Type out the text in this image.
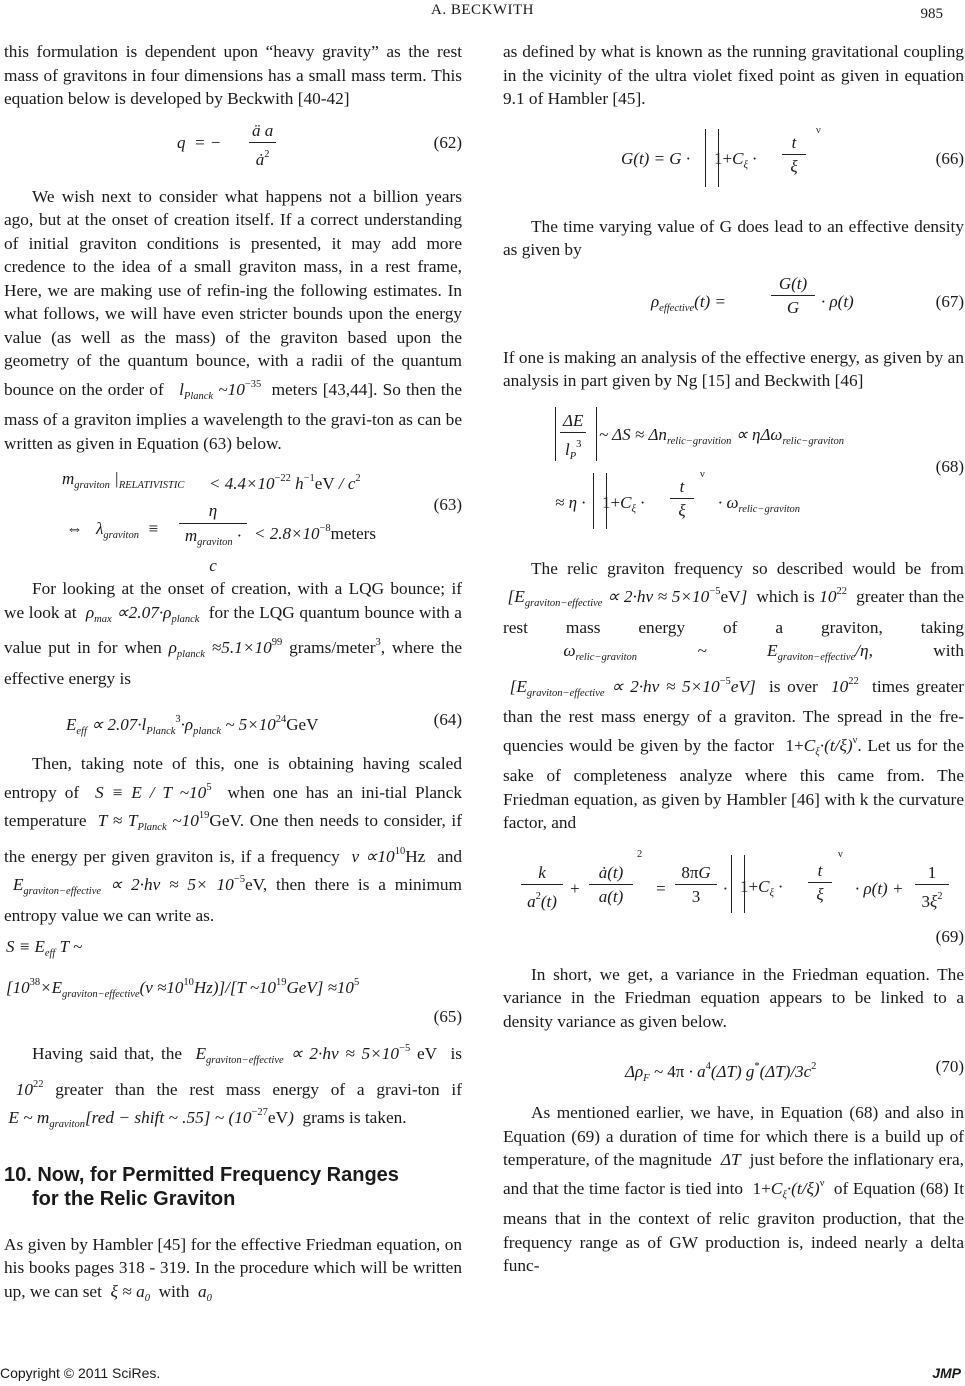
A. BECKWITH	985

this formulation is dependent upon “heavy gravity” as the rest mass of gravitons in four dimensions has a small mass term. This equation below is developed by Beckwith [40-42]

q  = − $\frac{\text{ä a}}{ȧ^2}$	(62)

We wish next to consider what happens not a billion years ago, but at the onset of creation itself. If a correct understanding of initial graviton conditions is presented, it may add more credence to the idea of a small graviton mass, in a rest frame, Here, we are making use of refin-ing the following estimates. In what follows, we will have even stricter bounds upon the energy value (as well as the mass) of the graviton based upon the geometry of the quantum bounce, with a radii of the quantum bounce on the order of   $l_{Planck}$ $\sim 10^{-35}$ meters [43,44]. So then the mass of a graviton implies a wavelength to the gravi-ton as can be written as given in Equation (63) below.

$m_{graviton}$ $|_{RELATIVISTIC} < 4.4\times 10^{-22}$ $h^{-1}eV / c^2$
⇔ $\lambda_{graviton}$  ≡
η
$m_{graviton} \cdot c$
< $2.8\times 10^{-8}meters$
(63)

For looking at the onset of creation, with a LQG bounce; if we look at  $\rho_{max} \propto 2.07\cdot\rho_{planck}$ for the LQG quantum bounce with a value put in for when $\rho_{planck} \approx 5.1\times 10^{99}$ grams/meter$^3$, where the effective energy is

$E_{eff} \propto 2.07\cdot l_{Planck}^3\cdot\rho_{planck}$ ~ $5\times 10^{24}GeV$	(64)

Then, taking note of this, one is obtaining having scaled entropy of  S ≡ E / T $\sim 10^5$ when one has an ini-tial Planck temperature  $T \approx T_{Planck}$ $\sim 10^{19}GeV$. One then needs to consider, if the energy per given graviton is, if a frequency  $\nu \propto 10^{10}Hz$ and  $E_{graviton-effective} \propto 2\cdot h\nu \approx 5\times 10^{-5}eV$, then there is a minimum entropy value we can write as.

$S \equiv E_{eff}$ T ~
$[10^{38}\times E_{graviton-effective}(\nu \approx 10^{10}Hz)]/[T$ $\sim 10^{19}GeV] \approx 10^5$
(65)

Having said that, the  $E_{graviton-effective} \propto 2\cdot h\nu \approx 5\times 10^{-5}$ eV is  $10^{22}$ greater than the rest mass energy of a gravi-ton if  E ~ $m_{graviton}[red$ − shift ~ .55] ~ $(10^{-27}eV)$  grams is taken.

10. Now, for Permitted Frequency Ranges
for the Relic Graviton

As given by Hambler [45] for the effective Friedman equation, on his books pages 318 - 319. In the procedure which will be written up, we can set  $\xi \approx a_0$ with  $a_0$

as defined by what is known as the running gravitational coupling in the vicinity of the ultra violet fixed point as given in equation 9.1 of Hambler [45].

$G(t) = G \cdot 1+C_\xi \cdot \frac{t}{\xi}$
ν
(66)

The time varying value of G does lead to an effective density as given by

$\rho_{effective}(t)$ =	$\frac{G(t)}{G} \cdot \rho(t)$	(67)

If one is making an analysis of the effective energy, as given by an analysis in part given by Ng [15] and Beckwith [46]

$\frac{\Delta E}{l_P^3}$ ~ $\Delta S \approx \Delta n_{relic-gravition} \propto \eta\Delta\omega_{relic-graviton}$
≈ $\eta \cdot 1+C_\xi \cdot \frac{t}{\xi}$
ν
· $\omega_{relic-graviton}$
(68)

The relic graviton frequency so described would be from  $[E_{graviton-effective} \propto 2\cdot h\nu \approx 5\times 10^{-5}eV]$  which is $10^{22}$ greater than the rest mass energy of a graviton, taking  $\omega_{relic-graviton}$ ~ $E_{graviton-effective}/\eta$, with  $[E_{graviton-effective} \propto 2\cdot h\nu \approx 5\times 10^{-5}eV]$  is over  $10^{22}$ times greater than the rest mass energy of a graviton. The spread in the fre-quencies would be given by the factor $1+C_\xi\cdot(t/\xi)^\nu$. Let us for the sake of completeness analyze where this came from. The Friedman equation, as given by Hambler [46] with k the curvature factor, and

$\frac{k}{a^2(t)} + \frac{ȧ(t)}{a(t)}$
2
= $\frac{8\pi G}{3} \cdot 1+C_\xi \cdot \frac{t}{\xi}$
ν
· $\rho(t) + \frac{1}{3\xi^2}$
(69)

In short, we get, a variance in the Friedman equation. The variance in the Friedman equation appears to be linked to a density variance as given below.

$\Delta\rho_F$ ~ $4\pi \cdot a^4(\Delta T)$ $g^*(\Delta T)/3c^2$	(70)

As mentioned earlier, we have, in Equation (68) and also in Equation (69) a duration of time for which there is a build up of temperature, of the magnitude  ΔT  just before the inflationary era, and that the time factor is tied into $1+C_\xi\cdot(t/\xi)^\nu$ of Equation (68) It means that in the context of relic graviton production, that the frequency range as of GW production is, indeed nearly a delta func-

Copyright © 2011 SciRes.	JMP
